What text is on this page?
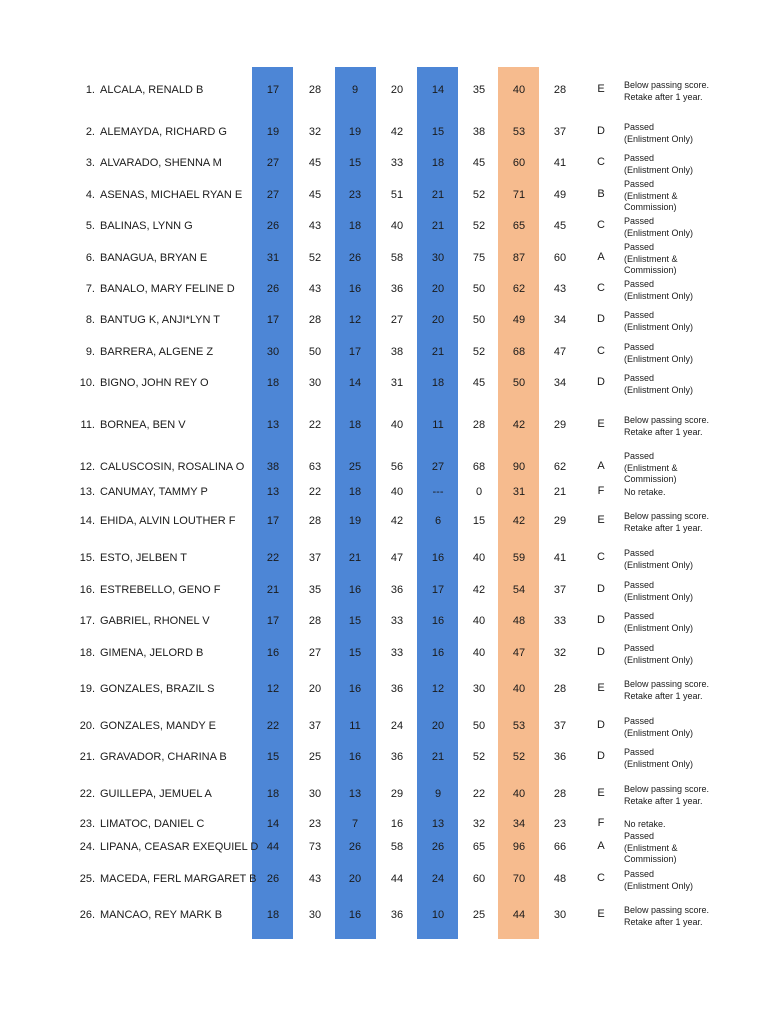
1. ALCALA, RENALD B	17	28	9	20	14	35	40	28	E	Below passing score.
Retake after 1 year.
2. ALEMAYDA, RICHARD G	19	32	19	42	15	38	53	37	D	Passed
(Enlistment Only)
3. ALVARADO, SHENNA M	27	45	15	33	18	45	60	41	C	Passed
(Enlistment Only)
4. ASENAS, MICHAEL RYAN E	27	45	23	51	21	52	71	49	B
Passed
(Enlistment &
Commission)
5. BALINAS, LYNN G	26	43	18	40	21	52	65	45	C	Passed
(Enlistment Only)
6. BANAGUA, BRYAN E	31	52	26	58	30	75	87	60	A
Passed
(Enlistment &
Commission)
7. BANALO, MARY FELINE D	26	43	16	36	20	50	62	43	C	Passed
(Enlistment Only)
8. BANTUG K, ANJI*LYN T	17	28	12	27	20	50	49	34	D	Passed
(Enlistment Only)
9. BARRERA, ALGENE Z	30	50	17	38	21	52	68	47	C	Passed
(Enlistment Only)
10. BIGNO, JOHN REY O	18	30	14	31	18	45	50	34	D	Passed
(Enlistment Only)
11. BORNEA, BEN V	13	22	18	40	11	28	42	29	E	Below passing score.
Retake after 1 year.
12. CALUSCOSIN, ROSALINA O	38	63	25	56	27	68	90	62	A
Passed
(Enlistment &
Commission)
13. CANUMAY, TAMMY P	13	22	18	40	---	0	31	21	F	No retake.
14. EHIDA, ALVIN LOUTHER F	17	28	19	42	6	15	42	29	E	Below passing score.
Retake after 1 year.
15. ESTO, JELBEN T	22	37	21	47	16	40	59	41	C	Passed
(Enlistment Only)
16. ESTREBELLO, GENO F	21	35	16	36	17	42	54	37	D	Passed
(Enlistment Only)
17. GABRIEL, RHONEL V	17	28	15	33	16	40	48	33	D	Passed
(Enlistment Only)
18. GIMENA, JELORD B	16	27	15	33	16	40	47	32	D	Passed
(Enlistment Only)
19. GONZALES, BRAZIL S	12	20	16	36	12	30	40	28	E	Below passing score.
Retake after 1 year.
20. GONZALES, MANDY E	22	37	11	24	20	50	53	37	D	Passed
(Enlistment Only)
21. GRAVADOR, CHARINA B	15	25	16	36	21	52	52	36	D	Passed
(Enlistment Only)
22. GUILLEPA, JEMUEL A	18	30	13	29	9	22	40	28	E	Below passing score.
Retake after 1 year.
23. LIMATOC, DANIEL C	14	23	7	16	13	32	34	23	F	No retake.
24. LIPANA, CEASAR EXEQUIEL D 44	73	26	58	26	65	96	66	A
Passed
(Enlistment &
Commission)
25. MACEDA, FERL MARGARET B 26	43	20	44	24	60	70	48	C	Passed
(Enlistment Only)
26. MANCAO, REY MARK B	18	30	16	36	10	25	44	30	E	Below passing score.
Retake after 1 year.
